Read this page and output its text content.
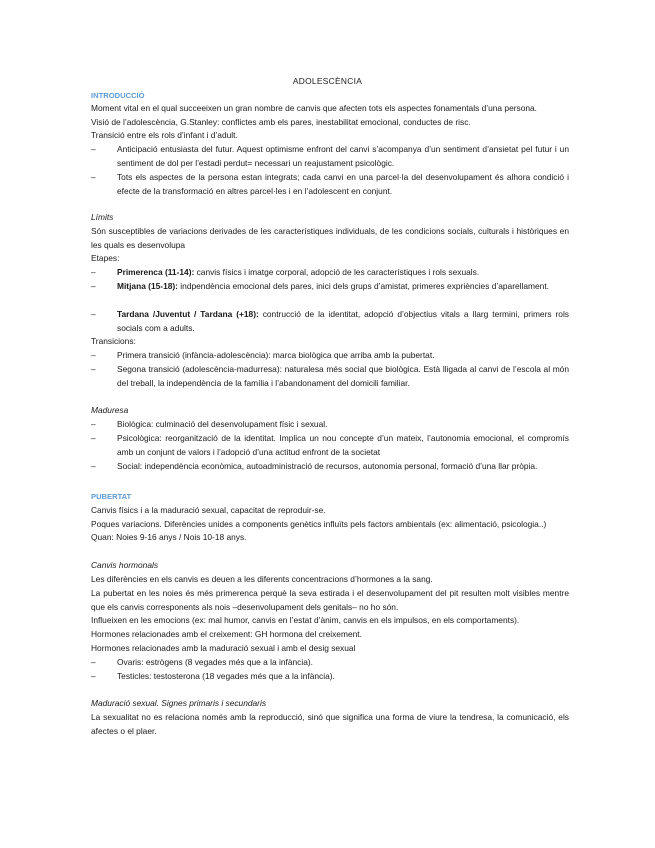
ADOLESCÈNCIA
INTRODUCCIÓ
Moment vital en el qual succeeixen un gran nombre de canvis que afecten tots els aspectes fonamentals d’una persona.
Visió de l’adolescència, G.Stanley: conflictes amb els pares, inestabilitat emocional, conductes de risc.
Transició entre els rols d’infant i d’adult.
–	Anticipació entusiasta del futur. Aquest optimisme enfront del canvi s’acompanya d’un sentiment d’ansietat pel futur i un sentiment de dol per l’estadi perdut= necessari un reajustament psicològic.
–	Tots els aspectes de la persona estan integrats; cada canvi en una parcel·la del desenvolupament és alhora condició i efecte de la transformació en altres parcel·les i en l’adolescent en conjunt.
Límits
Són susceptibles de variacions derivades de les característiques individuals, de les condicions socials, culturals i històriques en les quals es desenvolupa
Etapes:
–	Primerenca (11-14): canvis físics i imatge corporal, adopció de les característiques i rols sexuals.
–	Mitjana (15-18): indpendència emocional dels pares, inici dels grups d’amistat, primeres expriències d’aparellament.
–	Tardana /Juventut / Tardana (+18): contrucció de la identitat, adopció d’objectius vitals a llarg termini, primers rols socials com a adults.
Transicions:
–	Primera transició (infància-adolescència): marca biològica que arriba amb la pubertat.
–	Segona transició (adolescència-madurresa): naturalesa més social que biològica. Està lligada al canvi de l’escola al món del treball, la independència de la família i l’abandonament del domicili familiar.
Maduresa
–	Biològica: culminació del desenvolupament físic i sexual.
–	Psicològica: reorganització de la identitat. Implica un nou concepte d’un mateix, l’autonomia emocional, el compromís amb un conjunt de valors i l’adopció d’una actitud enfront de la societat
–	Social: independència econòmica, autoadministració de recursos, autonomia personal, formació d’una llar pròpia.
PUBERTAT
Canvis físics i a la maduració sexual, capacitat de reproduir-se.
Poques variacions. Diferències unides a components genètics influïts pels factors ambientals (ex: alimentació, psicologia..)
Quan: Noies 9-16 anys / Nois 10-18 anys.
Canvis hormonals
Les diferències en els canvis es deuen a les diferents concentracions d’hormones a la sang.
La pubertat en les noies és més primerenca perquè la seva estirada i el desenvolupament del pit resulten molt visibles mentre que els canvis corresponents als nois –desenvolupament dels genitals– no ho són.
Influeixen en les emocions (ex: mal humor, canvis en l’estat d’ànim, canvis en els impulsos, en els comportaments).
Hormones relacionades amb el creixement: GH hormona del creixement.
Hormones relacionades amb la maduració sexual i amb el desig sexual
–	Ovaris: estrògens (8 vegades més que a la infància).
–	Testicles: testosterona (18 vegades més que a la infància).
Maduració sexual. Signes primaris i secundaris
La sexualitat no es relaciona només amb la reproducció, sinó que significa una forma de viure la tendresa, la comunicació, els afectes o el plaer.
